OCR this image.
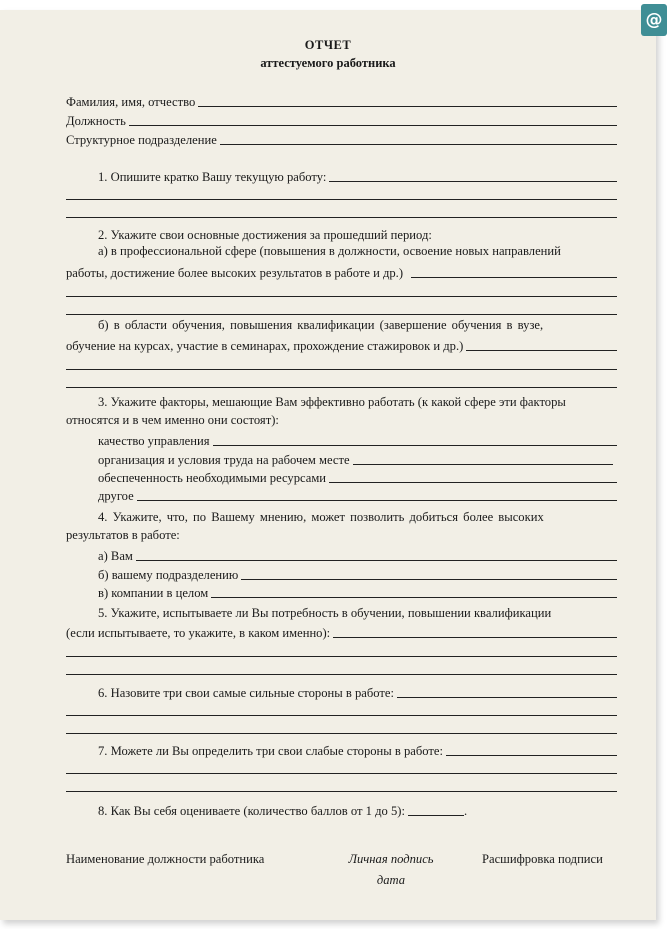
@
ОТЧЕТ
аттестуемого работника
Фамилия, имя, отчество
Должность
Структурное подразделение
1. Опишите кратко Вашу текущую работу:
2. Укажите свои основные достижения за прошедший период:
а) в профессиональной сфере (повышения в должности, освоение новых направлений
работы, достижение более высоких результатов в работе и др.)
б) в области обучения, повышения квалификации (завершение обучения в вузе,
обучение на курсах, участие в семинарах, прохождение стажировок и др.)
3. Укажите факторы, мешающие Вам эффективно работать (к какой сфере эти факторы
относятся и в чем именно они состоят):
качество управления
организация и условия труда на рабочем месте
обеспеченность необходимыми ресурсами
другое
4. Укажите, что, по Вашему мнению, может позволить добиться более высоких
результатов в работе:
а) Вам
б) вашему подразделению
в) компании в целом
5. Укажите, испытываете ли Вы потребность в обучении, повышении квалификации
(если испытываете, то укажите, в каком именно):
6. Назовите три свои самые сильные стороны в работе:
7. Можете ли Вы определить три свои слабые стороны в работе:
8. Как Вы себя оцениваете (количество баллов от 1 до 5):	.
Наименование должности работника	Личная подпись
дата
Расшифровка подписи
